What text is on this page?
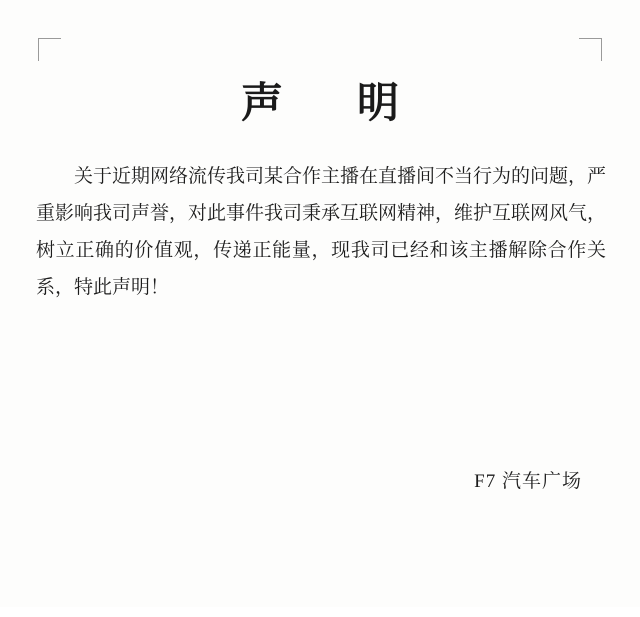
声　明
关于近期网络流传我司某合作主播在直播间不当行为的问题，严重影响我司声誉，对此事件我司秉承互联网精神，维护互联网风气，树立正确的价值观，传递正能量，现我司已经和该主播解除合作关系，特此声明！
F7 汽车广场
